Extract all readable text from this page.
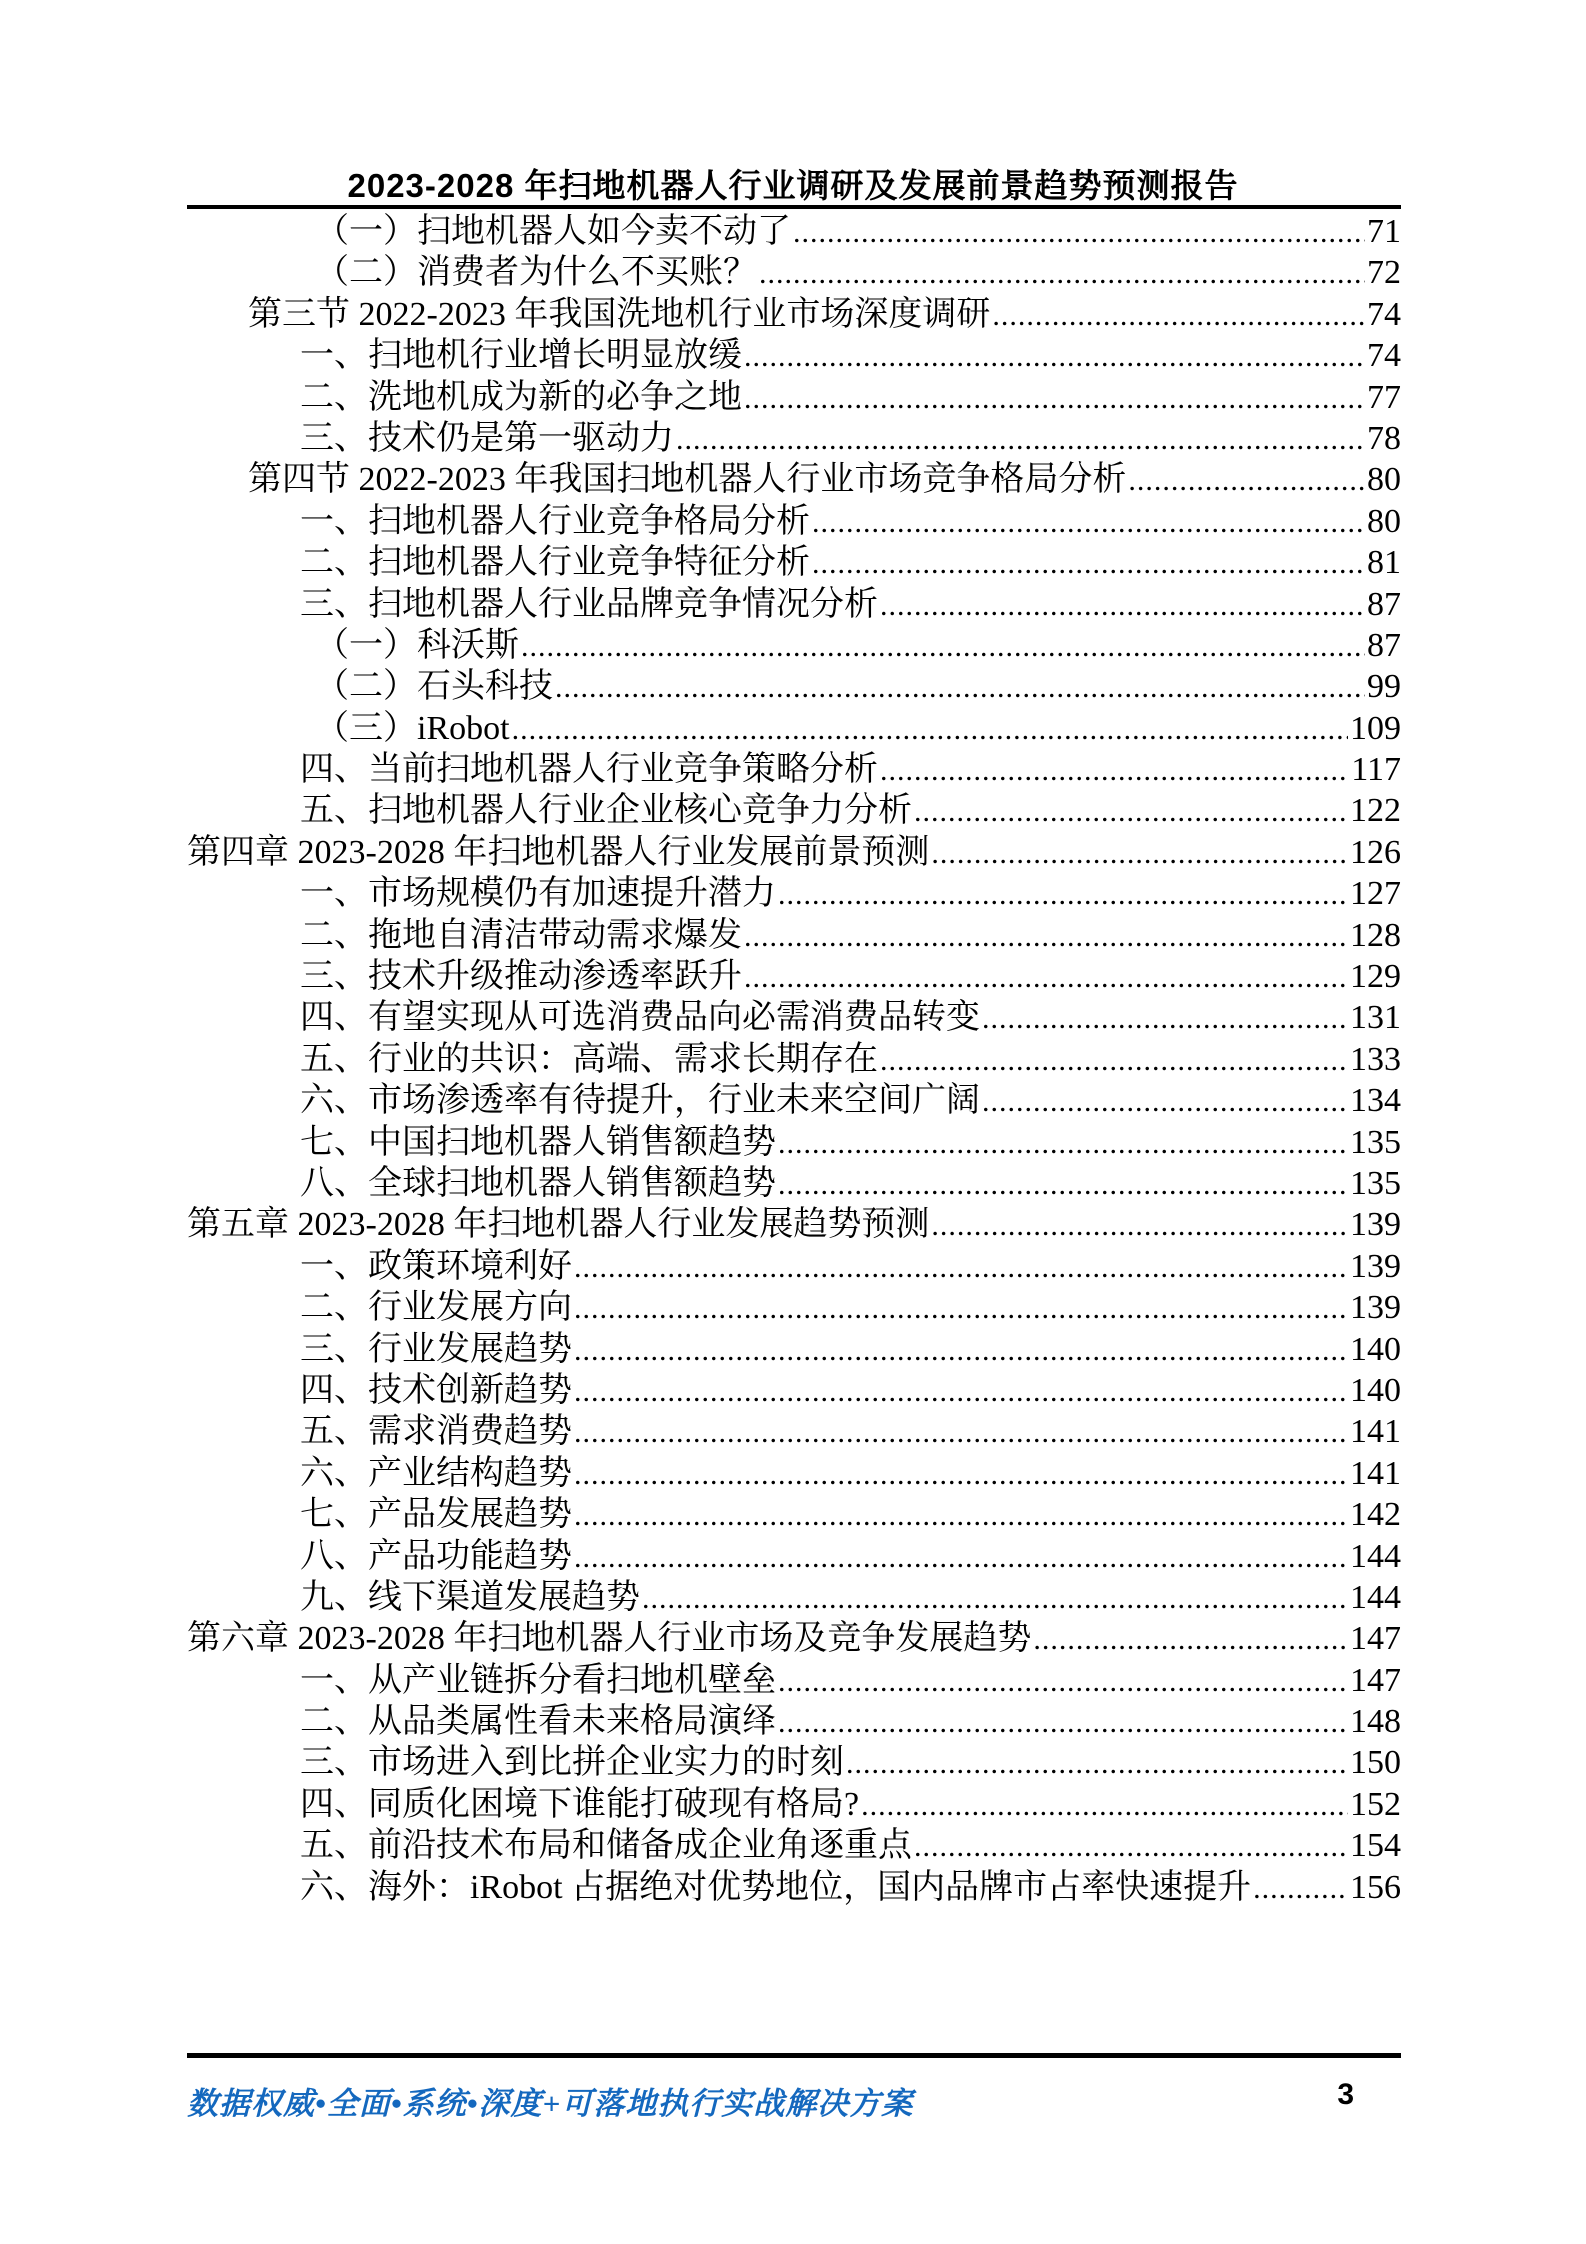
2023-2028 年扫地机器人行业调研及发展前景趋势预测报告
（一）扫地机器人如今卖不动了 .....	71
（二）消费者为什么不买账？ .....	72
第三节 2022-2023 年我国洗地机行业市场深度调研 .....	74
一、扫地机行业增长明显放缓 .....	74
二、洗地机成为新的必争之地 .....	77
三、技术仍是第一驱动力 .....	78
第四节 2022-2023 年我国扫地机器人行业市场竞争格局分析 .....	80
一、扫地机器人行业竞争格局分析 .....	80
二、扫地机器人行业竞争特征分析 .....	81
三、扫地机器人行业品牌竞争情况分析 .....	87
（一）科沃斯 .....	87
（二）石头科技 .....	99
（三）iRobot .....	109
四、当前扫地机器人行业竞争策略分析 .....	117
五、扫地机器人行业企业核心竞争力分析 .....	122
第四章 2023-2028 年扫地机器人行业发展前景预测 .....	126
一、市场规模仍有加速提升潜力 .....	127
二、拖地自清洁带动需求爆发 .....	128
三、技术升级推动渗透率跃升 .....	129
四、有望实现从可选消费品向必需消费品转变 .....	131
五、行业的共识：高端、需求长期存在 .....	133
六、市场渗透率有待提升，行业未来空间广阔 .....	134
七、中国扫地机器人销售额趋势 .....	135
八、全球扫地机器人销售额趋势 .....	135
第五章 2023-2028 年扫地机器人行业发展趋势预测 .....	139
一、政策环境利好 .....	139
二、行业发展方向 .....	139
三、行业发展趋势 .....	140
四、技术创新趋势 .....	140
五、需求消费趋势 .....	141
六、产业结构趋势 .....	141
七、产品发展趋势 .....	142
八、产品功能趋势 .....	144
九、线下渠道发展趋势 .....	144
第六章 2023-2028 年扫地机器人行业市场及竞争发展趋势 .....	147
一、从产业链拆分看扫地机壁垒 .....	147
二、从品类属性看未来格局演绎 .....	148
三、市场进入到比拼企业实力的时刻 .....	150
四、同质化困境下谁能打破现有格局? .....	152
五、前沿技术布局和储备成企业角逐重点 .....	154
六、海外：iRobot 占据绝对优势地位，国内品牌市占率快速提升 .....	156
数据权威•全面•系统•深度+可落地执行实战解决方案	3
